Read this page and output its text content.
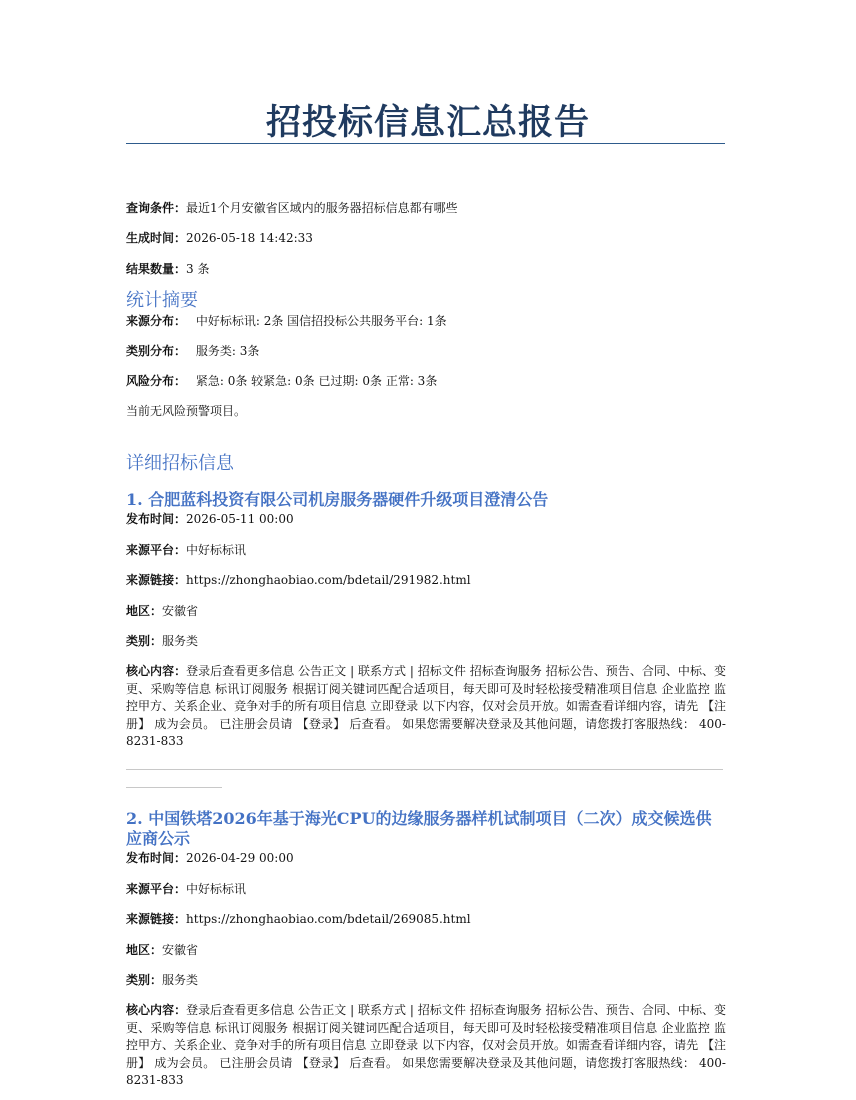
招投标信息汇总报告
查询条件：最近1个月安徽省区域内的服务器招标信息都有哪些
生成时间：2026-05-18 14:42:33
结果数量：3 条
统计摘要
来源分布： 中好标标讯: 2条 国信招投标公共服务平台: 1条
类别分布： 服务类: 3条
风险分布： 紧急: 0条 较紧急: 0条 已过期: 0条 正常: 3条
当前无风险预警项目。
详细招标信息
1. 合肥蓝科投资有限公司机房服务器硬件升级项目澄清公告
发布时间：2026-05-11 00:00
来源平台：中好标标讯
来源链接：https://zhonghaobiao.com/bdetail/291982.html
地区：安徽省
类别：服务类
核心内容：登录后查看更多信息 公告正文 | 联系方式 | 招标文件 招标查询服务 招标公告、预告、合同、中标、变更、采购等信息 标讯订阅服务 根据订阅关键词匹配合适项目，每天即可及时轻松接受精准项目信息 企业监控 监控甲方、关系企业、竞争对手的所有项目信息 立即登录 以下内容，仅对会员开放。如需查看详细内容，请先 【注册】 成为会员。 已注册会员请 【登录】 后查看。 如果您需要解决登录及其他问题，请您拨打客服热线： 400-8231-833
2. 中国铁塔2026年基于海光CPU的边缘服务器样机试制项目（二次）成交候选供应商公示
发布时间：2026-04-29 00:00
来源平台：中好标标讯
来源链接：https://zhonghaobiao.com/bdetail/269085.html
地区：安徽省
类别：服务类
核心内容：登录后查看更多信息 公告正文 | 联系方式 | 招标文件 招标查询服务 招标公告、预告、合同、中标、变更、采购等信息 标讯订阅服务 根据订阅关键词匹配合适项目，每天即可及时轻松接受精准项目信息 企业监控 监控甲方、关系企业、竞争对手的所有项目信息 立即登录 以下内容，仅对会员开放。如需查看详细内容，请先 【注册】 成为会员。 已注册会员请 【登录】 后查看。 如果您需要解决登录及其他问题，请您拨打客服热线： 400-8231-833
